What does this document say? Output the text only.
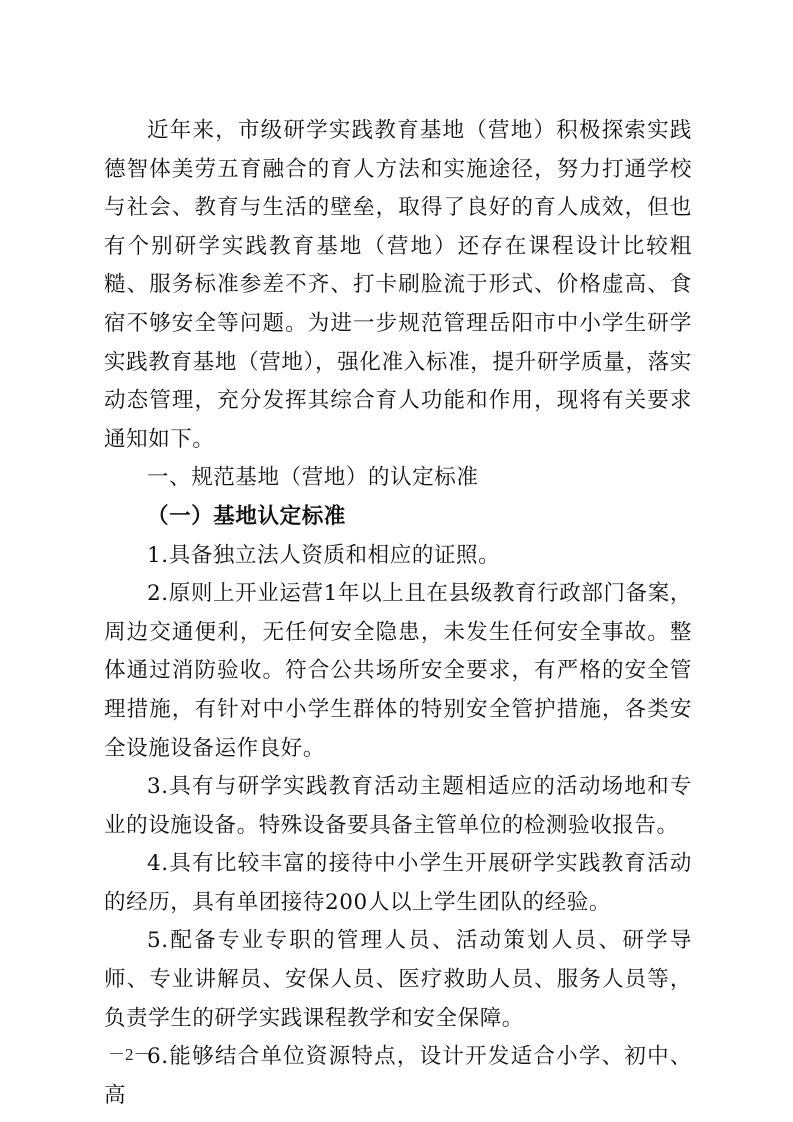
近年来，市级研学实践教育基地（营地）积极探索实践德智体美劳五育融合的育人方法和实施途径，努力打通学校与社会、教育与生活的壁垒，取得了良好的育人成效，但也有个别研学实践教育基地（营地）还存在课程设计比较粗糙、服务标准参差不齐、打卡刷脸流于形式、价格虚高、食宿不够安全等问题。为进一步规范管理岳阳市中小学生研学实践教育基地（营地），强化准入标准，提升研学质量，落实动态管理，充分发挥其综合育人功能和作用，现将有关要求通知如下。

一、规范基地（营地）的认定标准

（一）基地认定标准

1.具备独立法人资质和相应的证照。

2.原则上开业运营1年以上且在县级教育行政部门备案，周边交通便利，无任何安全隐患，未发生任何安全事故。整体通过消防验收。符合公共场所安全要求，有严格的安全管理措施，有针对中小学生群体的特别安全管护措施，各类安全设施设备运作良好。

3.具有与研学实践教育活动主题相适应的活动场地和专业的设施设备。特殊设备要具备主管单位的检测验收报告。

4.具有比较丰富的接待中小学生开展研学实践教育活动的经历，具有单团接待200人以上学生团队的经验。

5.配备专业专职的管理人员、活动策划人员、研学导师、专业讲解员、安保人员、医疗救助人员、服务人员等，负责学生的研学实践课程教学和安全保障。

6.能够结合单位资源特点，设计开发适合小学、初中、高

－2－
